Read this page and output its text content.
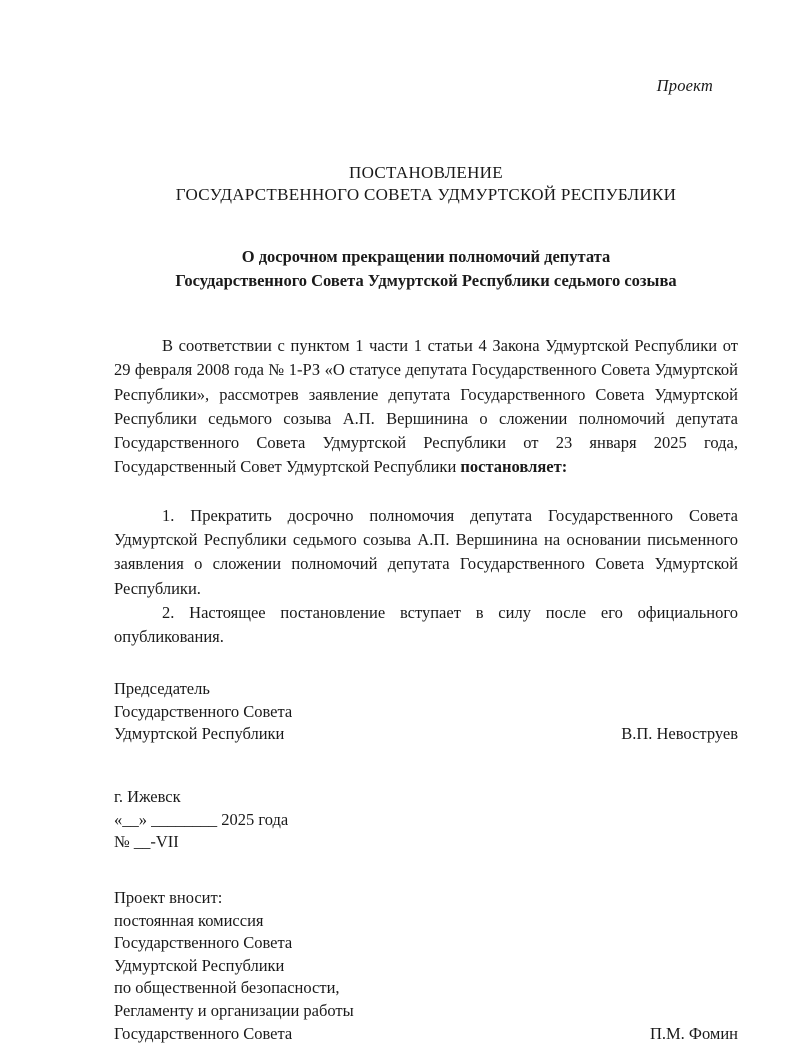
Проект
ПОСТАНОВЛЕНИЕ
ГОСУДАРСТВЕННОГО СОВЕТА УДМУРТСКОЙ РЕСПУБЛИКИ
О досрочном прекращении полномочий депутата
Государственного Совета Удмуртской Республики седьмого созыва

В соответствии с пунктом 1 части 1 статьи 4 Закона Удмуртской Республики от 29 февраля 2008 года № 1-РЗ «О статусе депутата Государственного Совета Удмуртской Республики», рассмотрев заявление депутата Государственного Совета Удмуртской Республики седьмого созыва А.П. Вершинина о сложении полномочий депутата Государственного Совета Удмуртской Республики от 23 января 2025 года, Государственный Совет Удмуртской Республики постановляет:

1. Прекратить досрочно полномочия депутата Государственного Совета Удмуртской Республики седьмого созыва А.П. Вершинина на основании письменного заявления о сложении полномочий депутата Государственного Совета Удмуртской Республики.

2. Настоящее постановление вступает в силу после его официального опубликования.

Председатель
Государственного Совета
Удмуртской Республики	В.П. Невоструев
г. Ижевск
«__» ________ 2025 года
№ __-VII
Проект вносит:
постоянная комиссия
Государственного Совета
Удмуртской Республики
по общественной безопасности,
Регламенту и организации работы
Государственного Совета	П.М. Фомин
